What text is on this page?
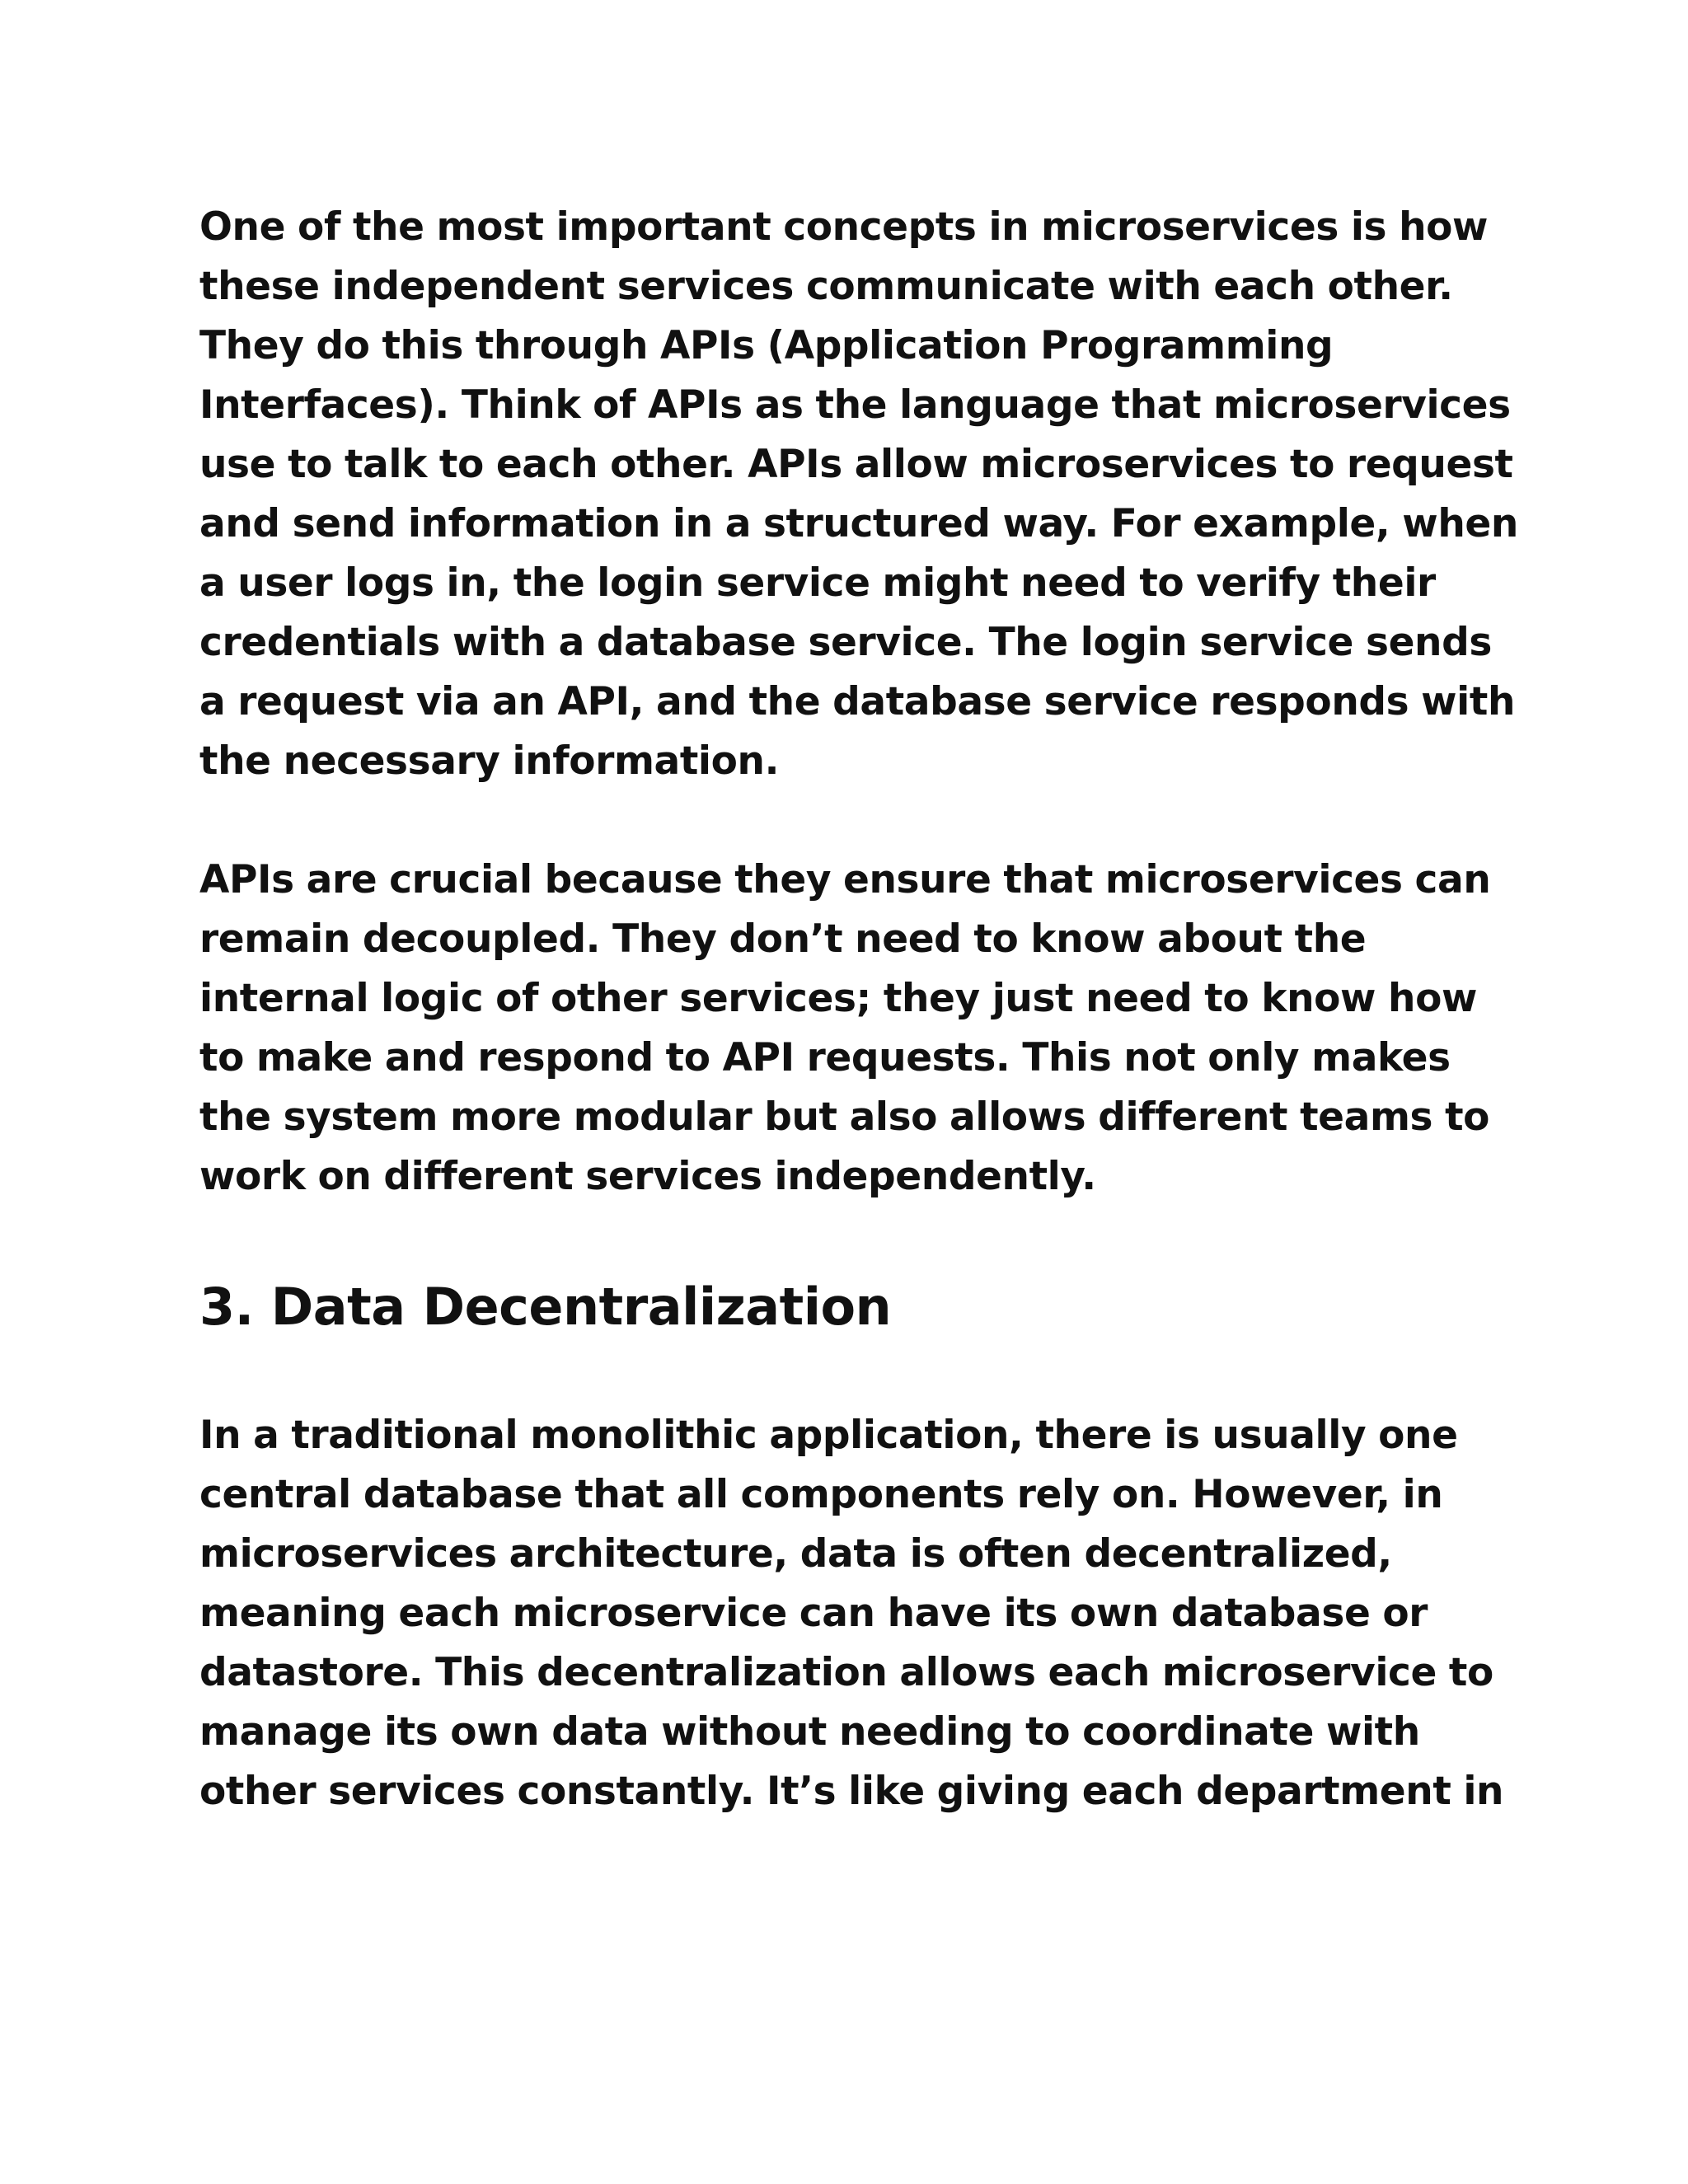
One of the most important concepts in microservices is how these independent services communicate with each other. They do this through APIs (Application Programming Interfaces). Think of APIs as the language that microservices use to talk to each other. APIs allow microservices to request and send information in a structured way. For example, when a user logs in, the login service might need to verify their credentials with a database service. The login service sends a request via an API, and the database service responds with the necessary information.

APIs are crucial because they ensure that microservices can remain decoupled. They don’t need to know about the internal logic of other services; they just need to know how to make and respond to API requests. This not only makes the system more modular but also allows different teams to work on different services independently.

3. Data Decentralization

In a traditional monolithic application, there is usually one central database that all components rely on. However, in microservices architecture, data is often decentralized, meaning each microservice can have its own database or datastore. This decentralization allows each microservice to manage its own data without needing to coordinate with other services constantly. It’s like giving each department in
